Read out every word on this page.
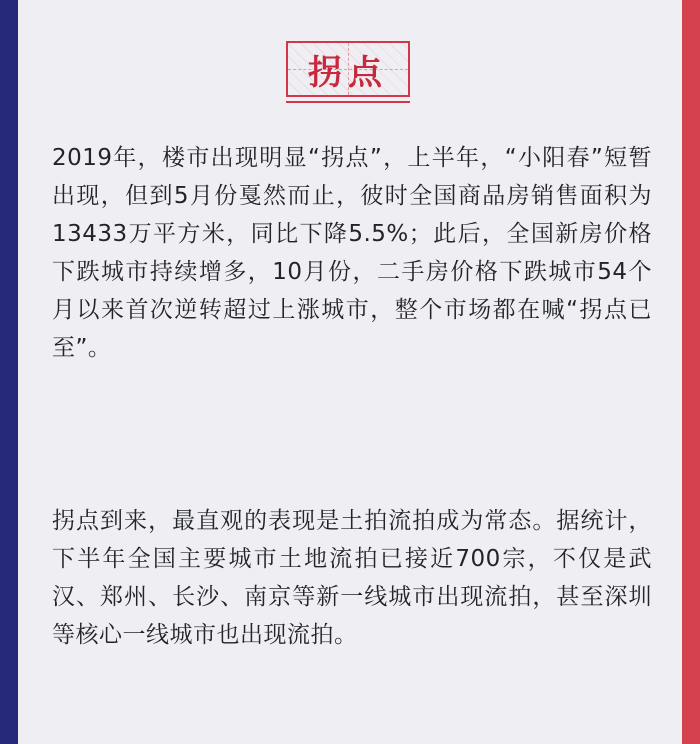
拐点

2019年，楼市出现明显“拐点”，上半年，“小阳春”短暂出现，但到5月份戛然而止，彼时全国商品房销售面积为13433万平方米，同比下降5.5%；此后，全国新房价格下跌城市持续增多，10月份，二手房价格下跌城市54个月以来首次逆转超过上涨城市，整个市场都在喊“拐点已至”。

拐点到来，最直观的表现是土拍流拍成为常态。据统计，下半年全国主要城市土地流拍已接近700宗，不仅是武汉、郑州、长沙、南京等新一线城市出现流拍，甚至深圳等核心一线城市也出现流拍。
